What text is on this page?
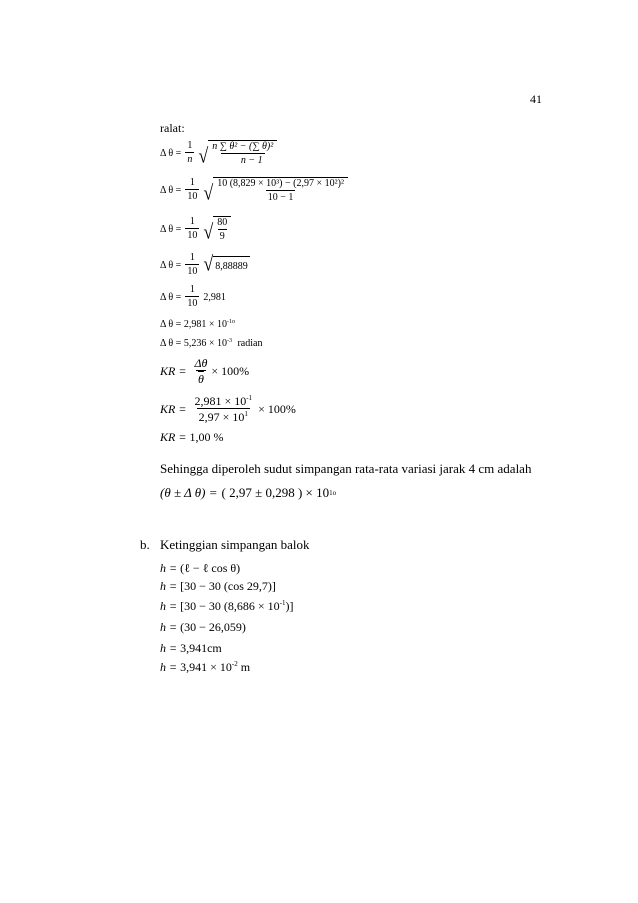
41
ralat:
Δ $\theta = \frac{1}{n}$ √ $\frac{\text{n ∑ θ² − (∑ θ)²}}{n - 1}$
Δ $\theta = \frac{1}{10}$ √ $\frac{\text{10 (8,829 × 10³) − (2,97 × 10²)²}}{10 - 1}$
Δ $\theta = \frac{1}{10}$ √ $\frac{80}{9}$
Δ $\theta = \frac{1}{10}$ √ 8,88889
Δ $\theta = \frac{1}{10} 2,981$
Δ $\theta = 2,981 \times 10^{-1o}$
Δ $\theta = 5,236 \times 10^{-3}$ radian
KR = $\frac{\Delta\theta}{\theta} \times 100\%$
KR = $\frac{2,981 \times 10^{-1}}{2,97 \times 10^1} \times 100\%$
KR = 1,00 %
Sehingga diperoleh sudut simpangan rata-rata variasi jarak 4 cm adalah
(θ ± Δ θ) = ( 2,97 ± 0,298 ) × 10 1 o
b. Ketinggian simpangan balok
h = (ℓ − ℓ cos θ)
h = [30 − 30 (cos 29,7)]
h = [30 − 30 $(8,686 \times 10^{-1})$]
h = (30 − 26,059)
h = 3,941cm
$h = 3,941 \times 10^{-2}$ m
